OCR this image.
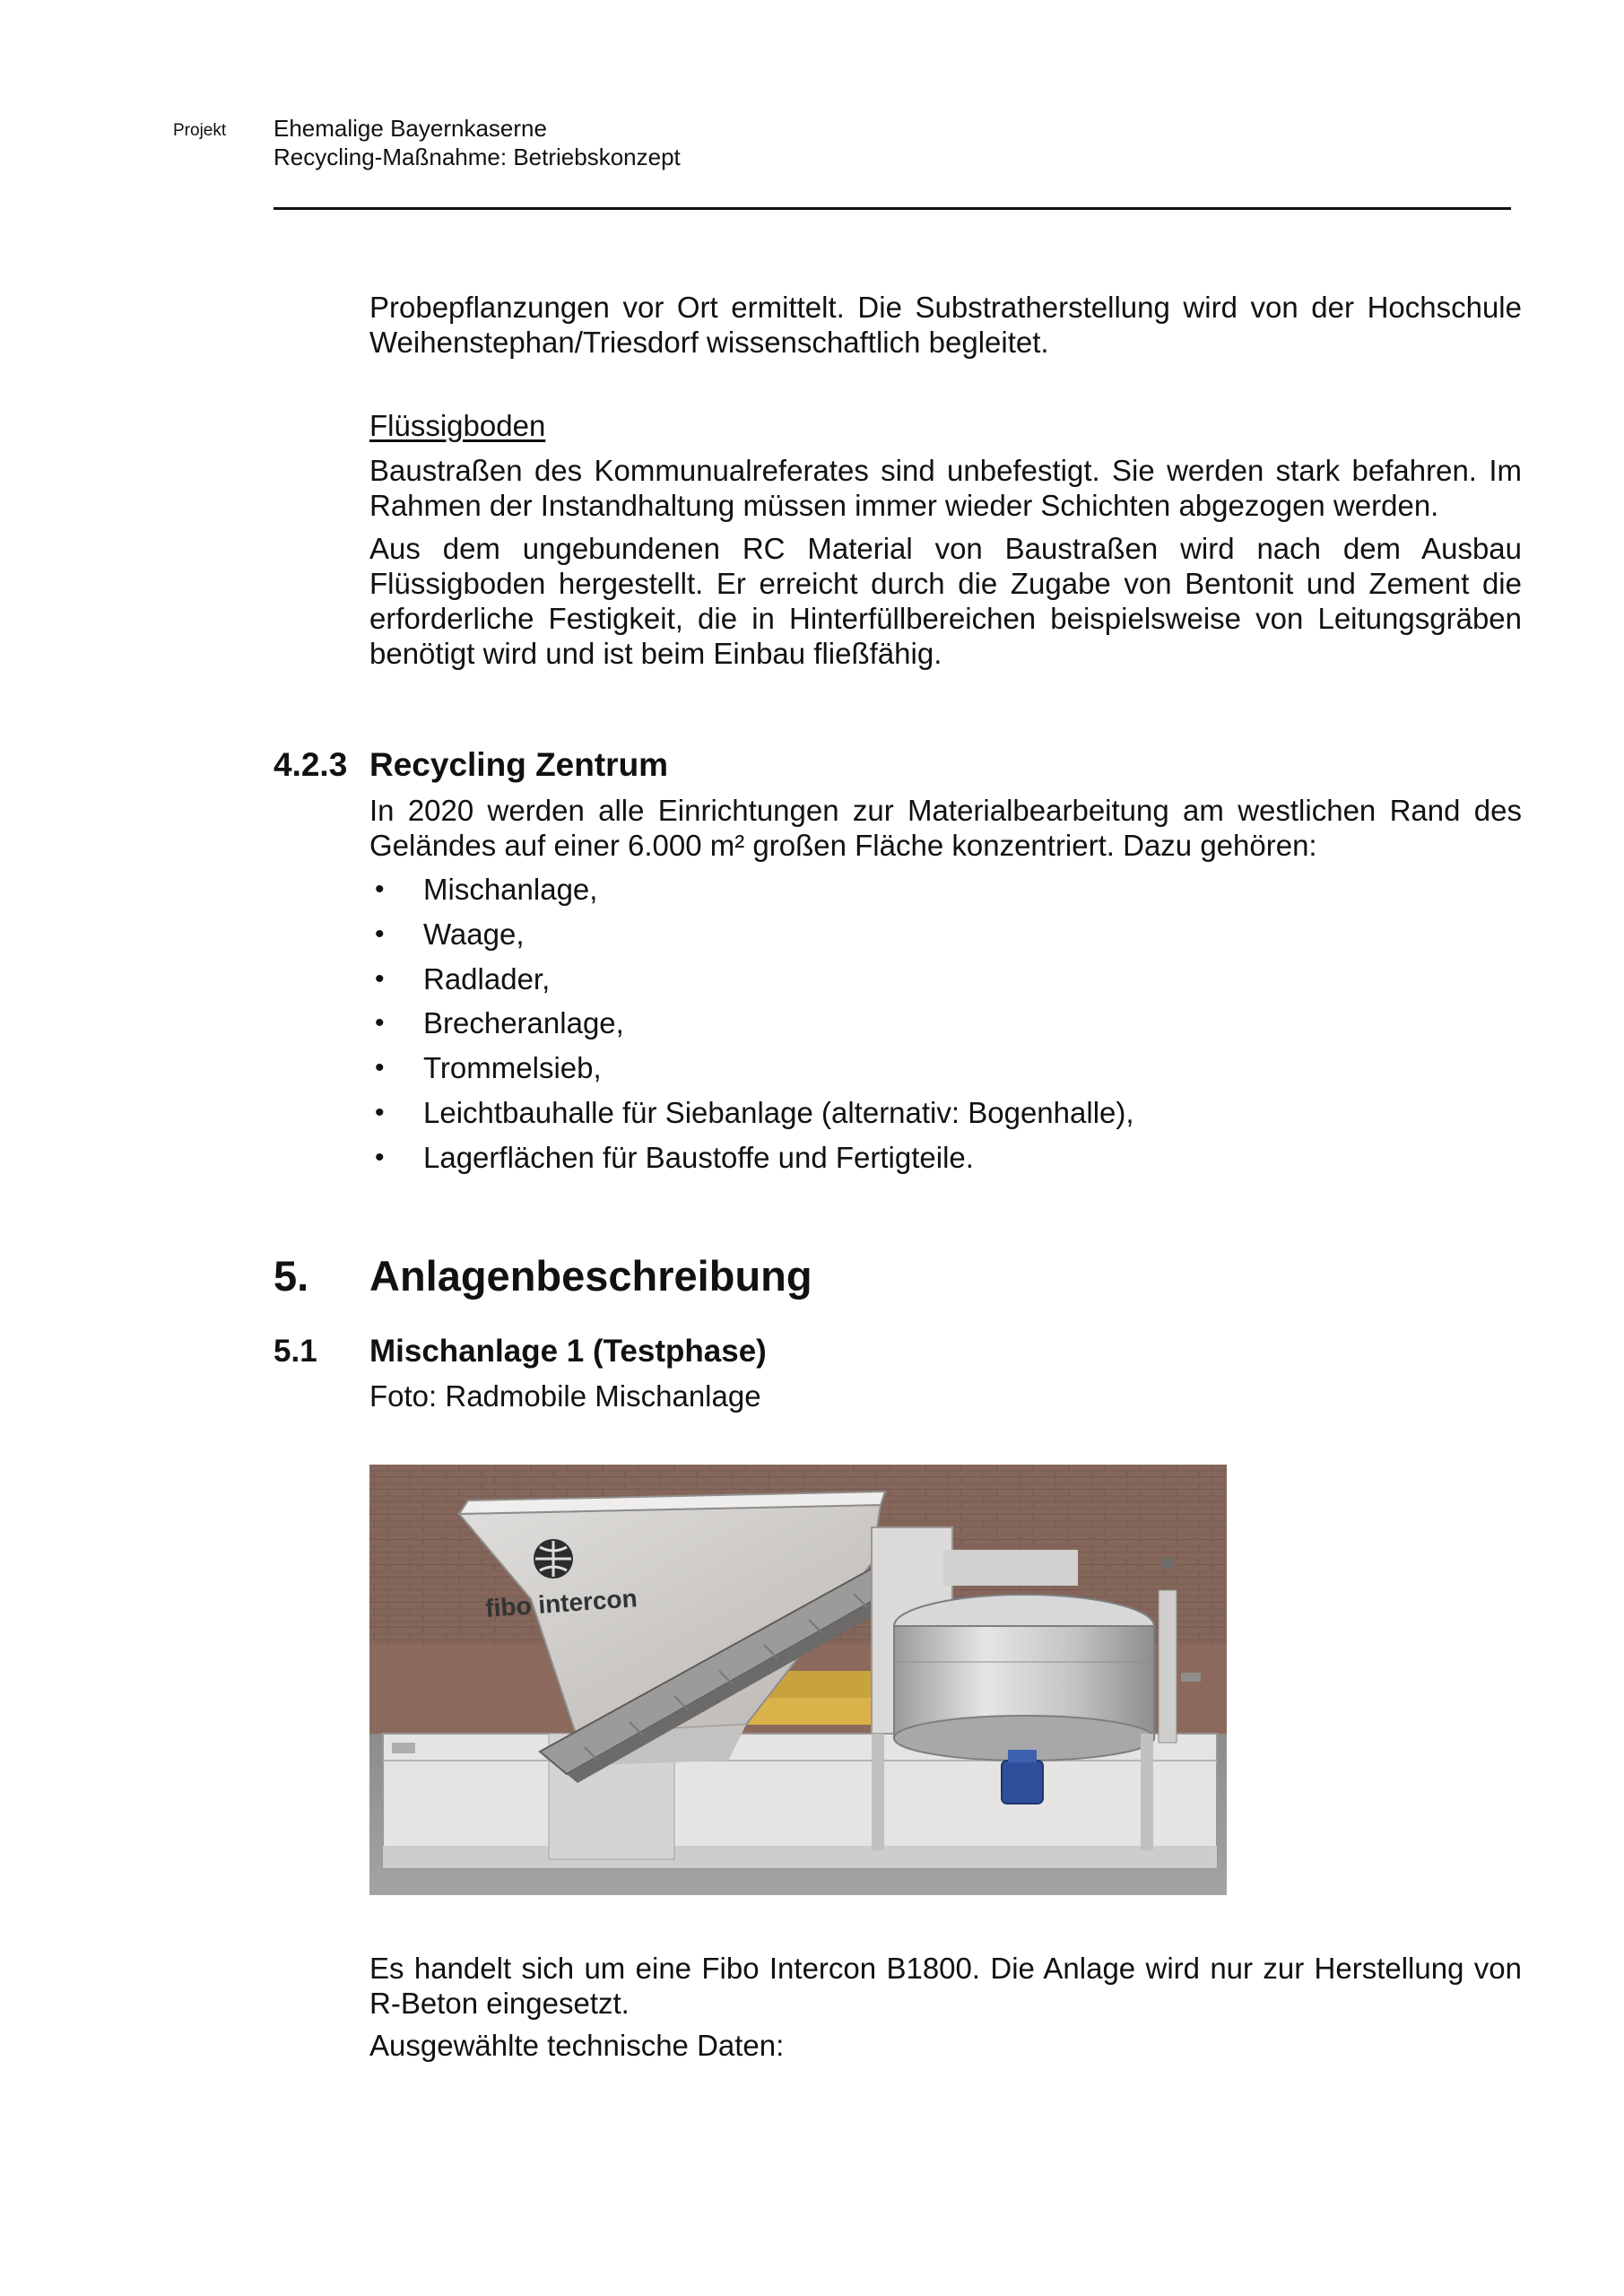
Projekt Ehemalige Bayernkaserne
Recycling-Maßnahme: Betriebskonzept

Probepflanzungen vor Ort ermittelt. Die Substratherstellung wird von der Hochschule

Weihenstephan/Triesdorf wissenschaftlich begleitet.

Flüssigboden

Baustraßen des Kommunualreferates sind unbefestigt. Sie werden stark befahren. Im Rahmen der Instandhaltung müssen immer wieder Schichten abgezogen werden.

Aus dem ungebundenen RC Material von Baustraßen wird nach dem Ausbau Flüssigboden hergestellt. Er erreicht durch die Zugabe von Bentonit und Zement die erforderliche Festigkeit, die in Hinterfüllbereichen beispielsweise von Leitungsgräben benötigt wird und ist beim Einbau fließfähig.

4.2.3 Recycling Zentrum

In 2020 werden alle Einrichtungen zur Materialbearbeitung am westlichen Rand des Geländes auf einer 6.000 m² großen Fläche konzentriert. Dazu gehören:

• Mischanlage,
• Waage,
• Radlader,
• Brecheranlage,
• Trommelsieb,
• Leichtbauhalle für Siebanlage (alternativ: Bogenhalle),
• Lagerflächen für Baustoffe und Fertigteile.
5. Anlagenbeschreibung
5.1 Mischanlage 1 (Testphase)
Foto: Radmobile Mischanlage
fibo intercon

Es handelt sich um eine Fibo Intercon B1800. Die Anlage wird nur zur Herstellung von R-Beton eingesetzt.

Ausgewählte technische Daten:
